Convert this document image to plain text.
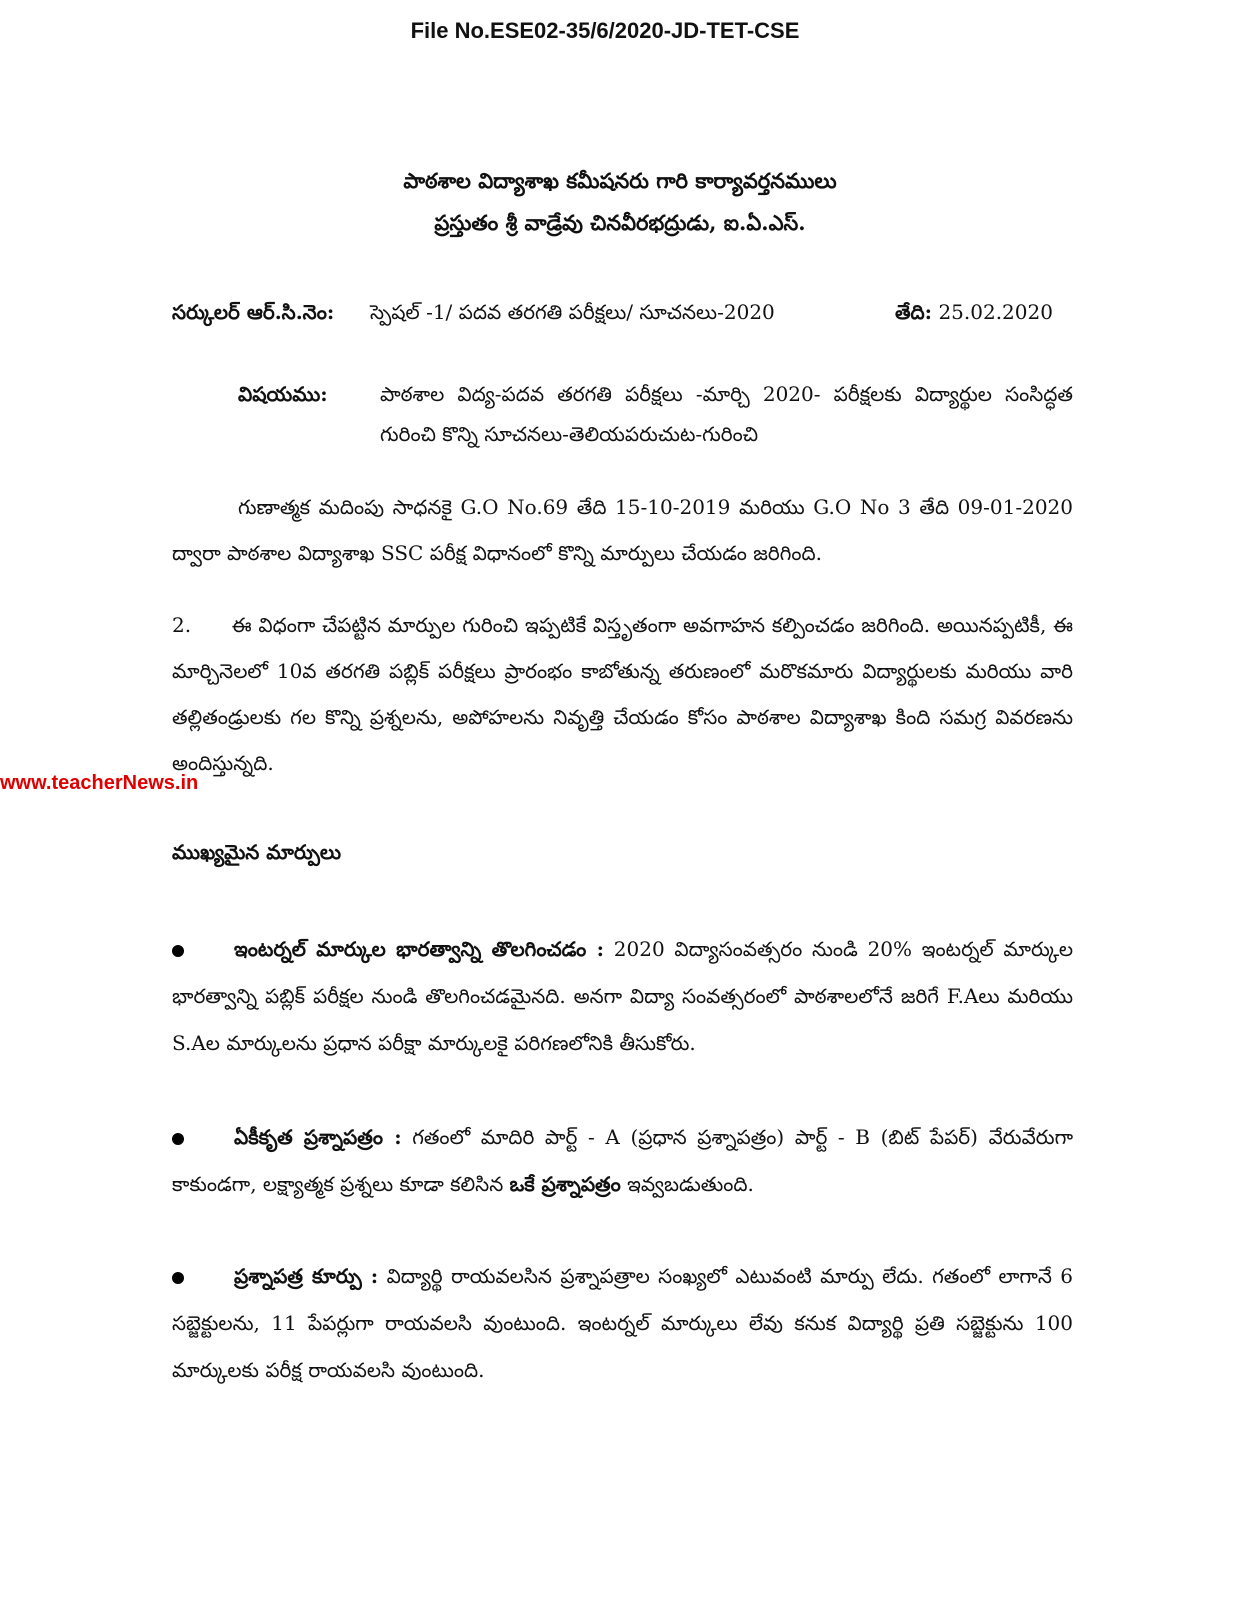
File No.ESE02-35/6/2020-JD-TET-CSE
పాఠశాల విద్యాశాఖ కమీషనరు గారి కార్యావర్తనములు
ప్రస్తుతం శ్రీ వాడ్రేవు చినవీరభద్రుడు, ఐ.ఏ.ఎస్.
సర్కులర్ ఆర్.సి.నెం: స్పెషల్ -1/ పదవ తరగతి పరీక్షలు/ సూచనలు-2020	తేది: 25.02.2020
విషయము:	పాఠశాల విద్య-పదవ తరగతి పరీక్షలు -మార్చి 2020- పరీక్షలకు విద్యార్థుల సంసిద్ధత గురించి కొన్ని సూచనలు-తెలియపరుచుట-గురించి
గుణాత్మక మదింపు సాధనకై G.O No.69 తేది 15-10-2019 మరియు G.O No 3 తేది 09-01-2020 ద్వారా పాఠశాల విద్యాశాఖ SSC పరీక్ష విధానంలో కొన్ని మార్పులు చేయడం జరిగింది.
2.      ఈ విధంగా చేపట్టిన మార్పుల గురించి ఇప్పటికే విస్తృతంగా అవగాహన కల్పించడం జరిగింది. అయినప్పటికీ, ఈ మార్చినెలలో 10వ తరగతి పబ్లిక్ పరీక్షలు ప్రారంభం కాబోతున్న తరుణంలో మరొకమారు విద్యార్థులకు మరియు వారి తల్లితండ్రులకు గల కొన్ని ప్రశ్నలను, అపోహలను నివృత్తి చేయడం కోసం పాఠశాల విద్యాశాఖ కింది సమగ్ర వివరణను అందిస్తున్నది.
www.teacherNews.in
ముఖ్యమైన మార్పులు
ఇంటర్నల్ మార్కుల భారత్వాన్ని తొలగించడం : 2020 విద్యాసంవత్సరం నుండి 20% ఇంటర్నల్ మార్కుల భారత్వాన్ని పబ్లిక్ పరీక్షల నుండి తొలగించడమైనది. అనగా విద్యా సంవత్సరంలో పాఠశాలలోనే జరిగే F.Aలు మరియు S.Aల మార్కులను ప్రధాన పరీక్షా మార్కులకై పరిగణలోనికి తీసుకోరు.
ఏకీకృత ప్రశ్నాపత్రం : గతంలో మాదిరి పార్ట్ - A (ప్రధాన ప్రశ్నాపత్రం) పార్ట్ - B (బిట్ పేపర్) వేరువేరుగా కాకుండగా, లక్ష్యాత్మక ప్రశ్నలు కూడా కలిసిన ఒకే ప్రశ్నాపత్రం ఇవ్వబడుతుంది.
ప్రశ్నాపత్ర కూర్పు : విద్యార్థి రాయవలసిన ప్రశ్నాపత్రాల సంఖ్యలో ఎటువంటి మార్పు లేదు. గతంలో లాగానే 6 సబ్జెక్టులను, 11 పేపర్లుగా రాయవలసి వుంటుంది. ఇంటర్నల్ మార్కులు లేవు కనుక విద్యార్థి ప్రతి సబ్జెక్టును 100 మార్కులకు పరీక్ష రాయవలసి వుంటుంది.
